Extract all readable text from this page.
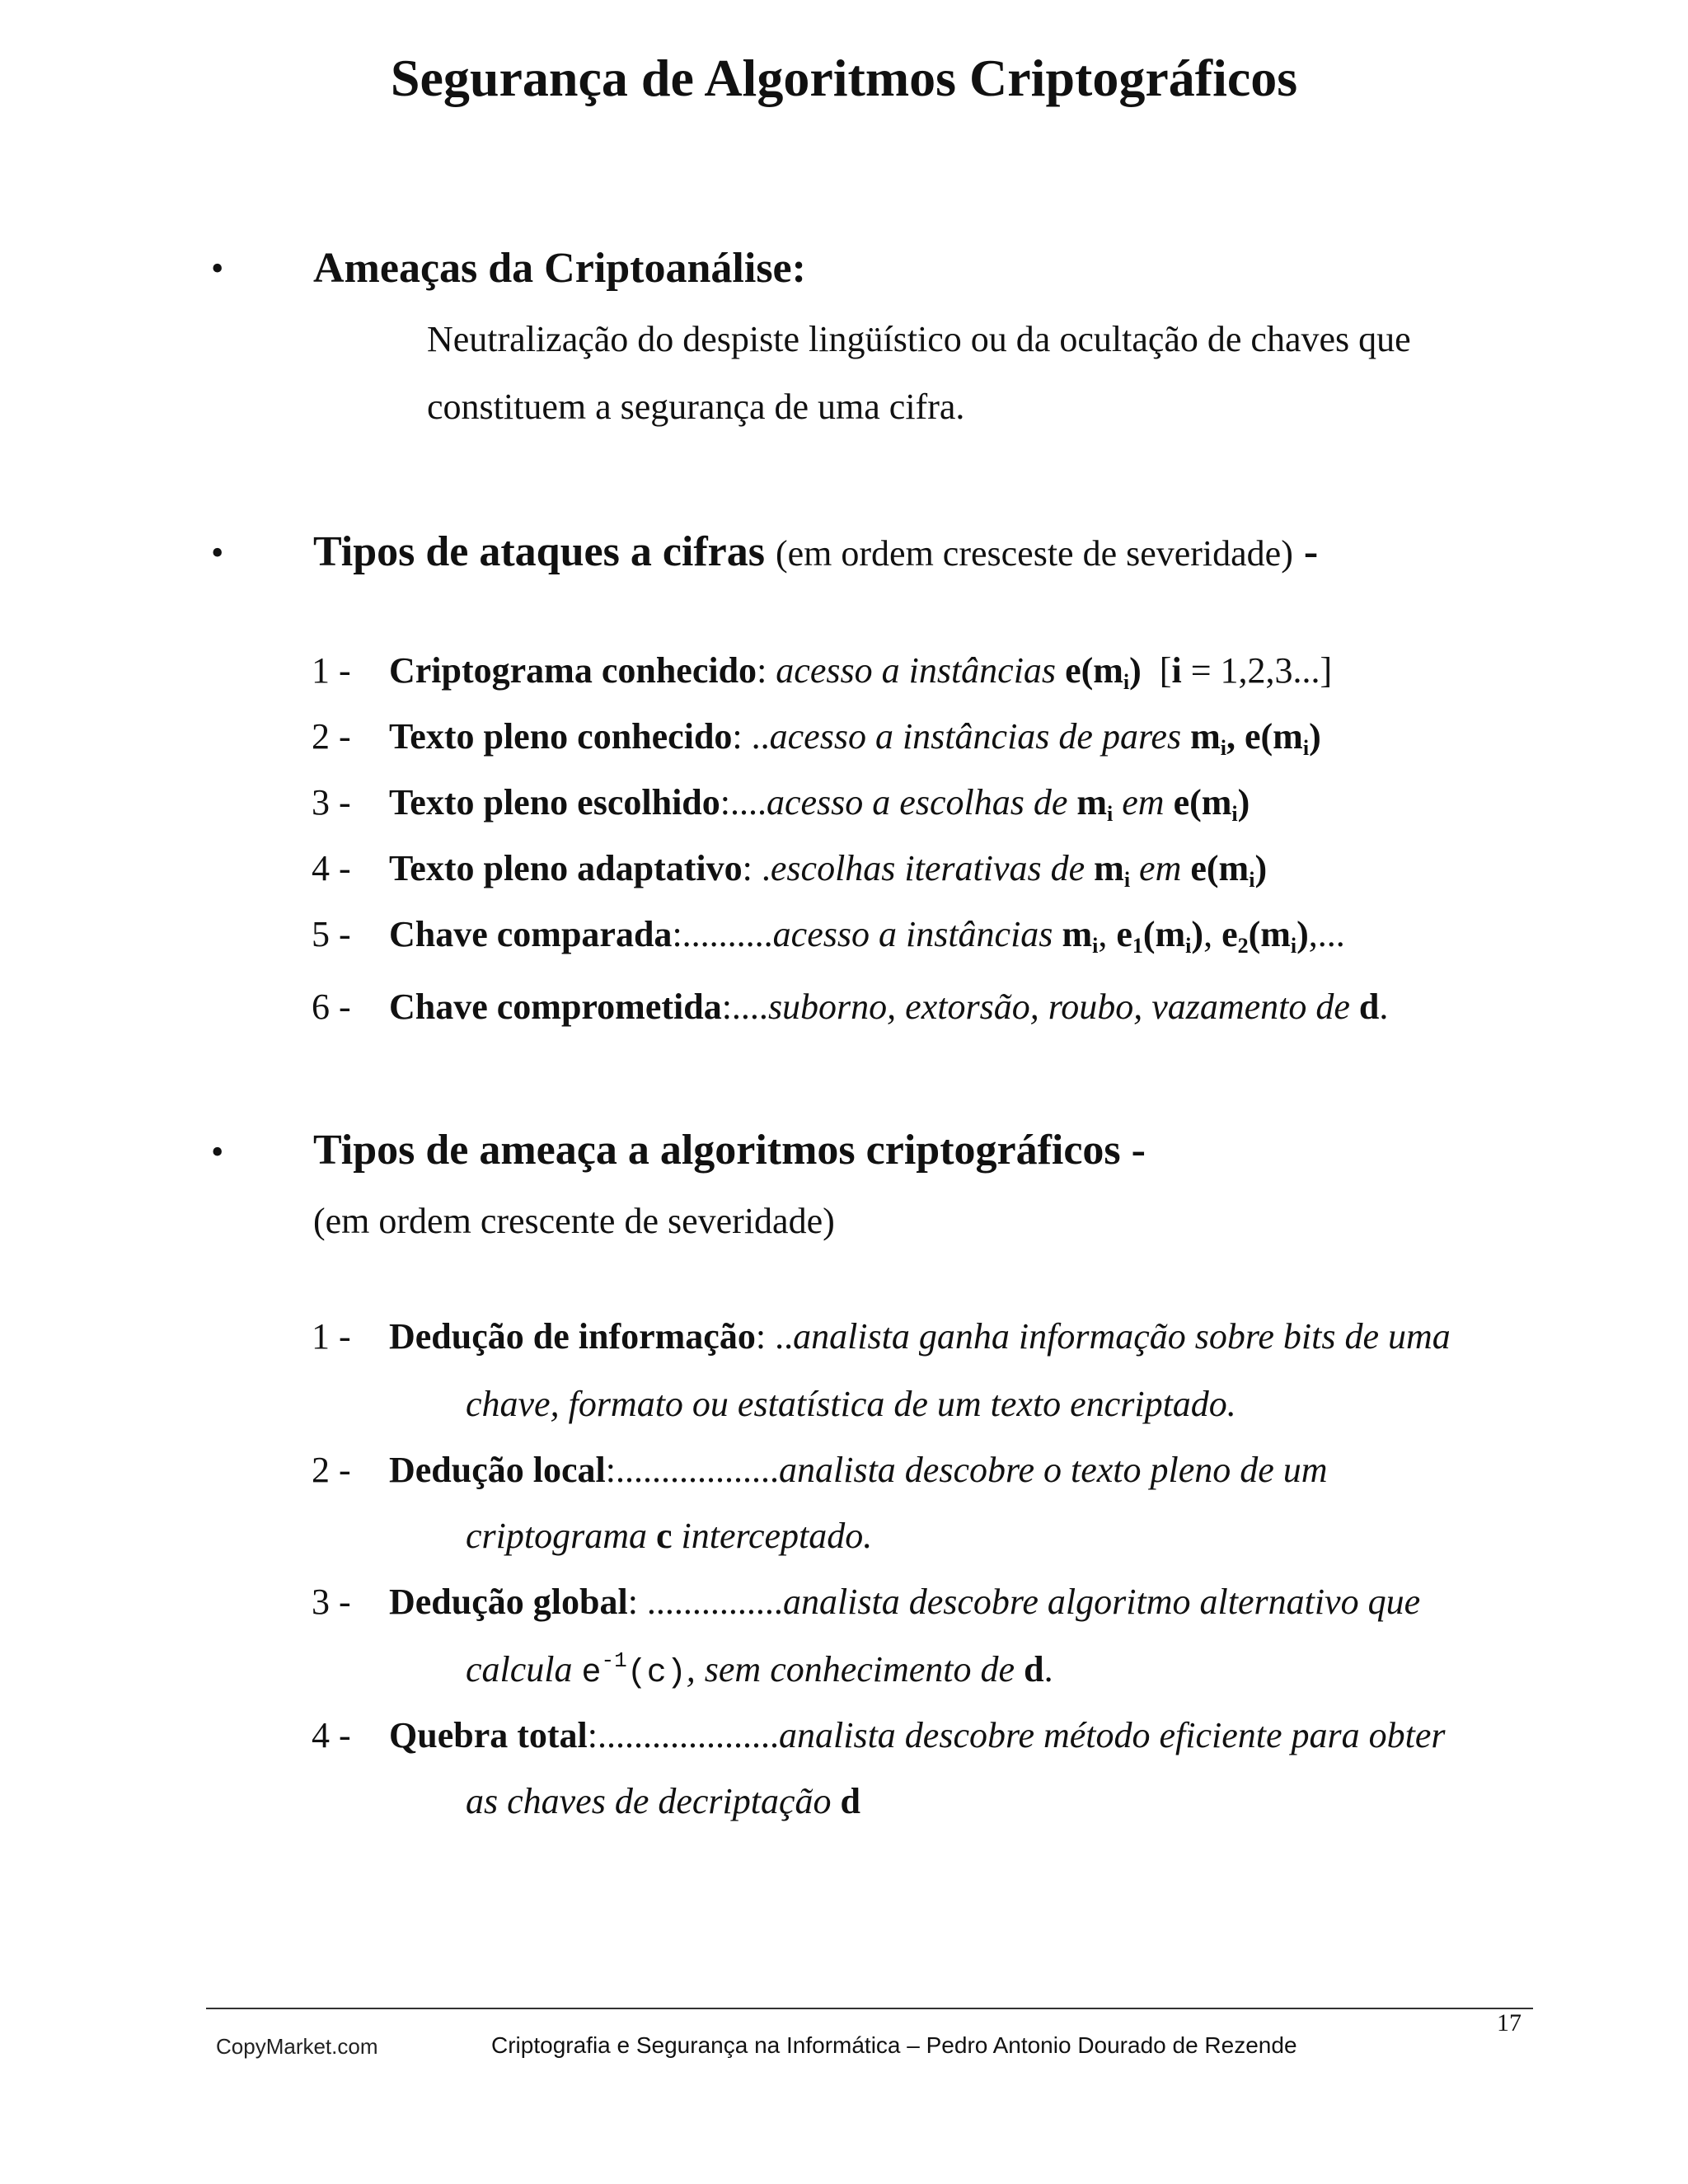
Segurança de Algoritmos Criptográficos
• Ameaças da Criptoanálise:
Neutralização do despiste lingüístico ou da ocultação de chaves que
constituem a segurança de uma cifra.
• Tipos de ataques a cifras (em ordem cresceste de severidade) -
1 -	Criptograma conhecido: acesso a instâncias $e(m_i) [i = 1,2,3...]$
2 -	Texto pleno conhecido: ..acesso a instâncias de pares $m_i$, $e(m_i)$
3 -	Texto pleno escolhido:....acesso a escolhas de $m_i$ em $e(m_i)$
4 -	Texto pleno adaptativo: .escolhas iterativas de $m_i$ em $e(m_i)$
5 -	Chave comparada:..........acesso a instâncias $m_i$, $e_1(m_i)$, $e_2(m_i)$,...
6 -	Chave comprometida:....suborno, extorsão, roubo, vazamento de d.
• Tipos de ameaça a algoritmos criptográficos -
(em ordem crescente de severidade)
1 -	Dedução de informação: ..analista ganha informação sobre bits de uma
chave, formato ou estatística de um texto encriptado.
2 -	Dedução local:..................analista descobre o texto pleno de um
criptograma c interceptado.
3 -	Dedução global: ...............analista descobre algoritmo alternativo que
calcula $e^{-1}(c)$, sem conhecimento de d.
4 -	Quebra total:....................analista descobre método eficiente para obter
as chaves de decriptação d
17
CopyMarket.com	Criptografia e Segurança na Informática – Pedro Antonio Dourado de Rezende
